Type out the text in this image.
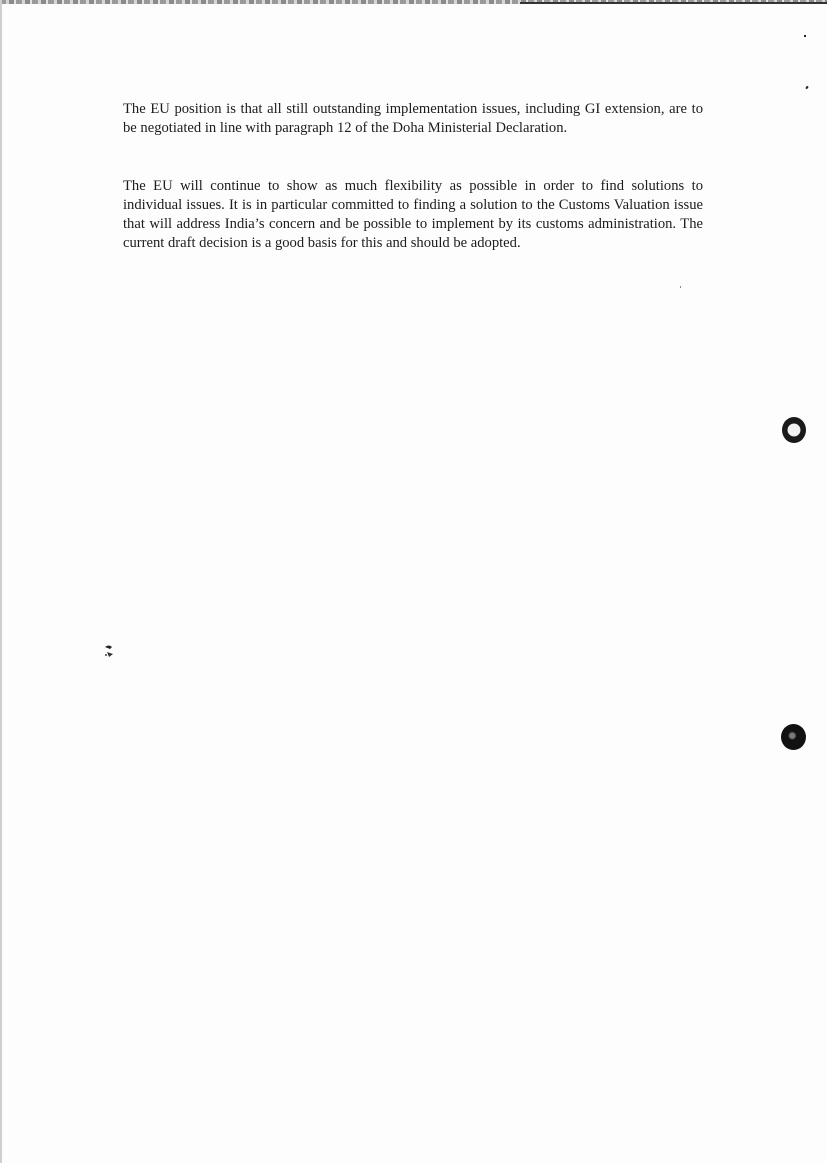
The EU position is that all still outstanding implementation issues, including GI extension, are to be negotiated in line with paragraph 12 of the Doha Ministerial Declaration.

The EU will continue to show as much flexibility as possible in order to find solutions to individual issues. It is in particular committed to finding a solution to the Customs Valuation issue that will address India’s concern and be possible to implement by its customs administration. The current draft decision is a good basis for this and should be adopted.
